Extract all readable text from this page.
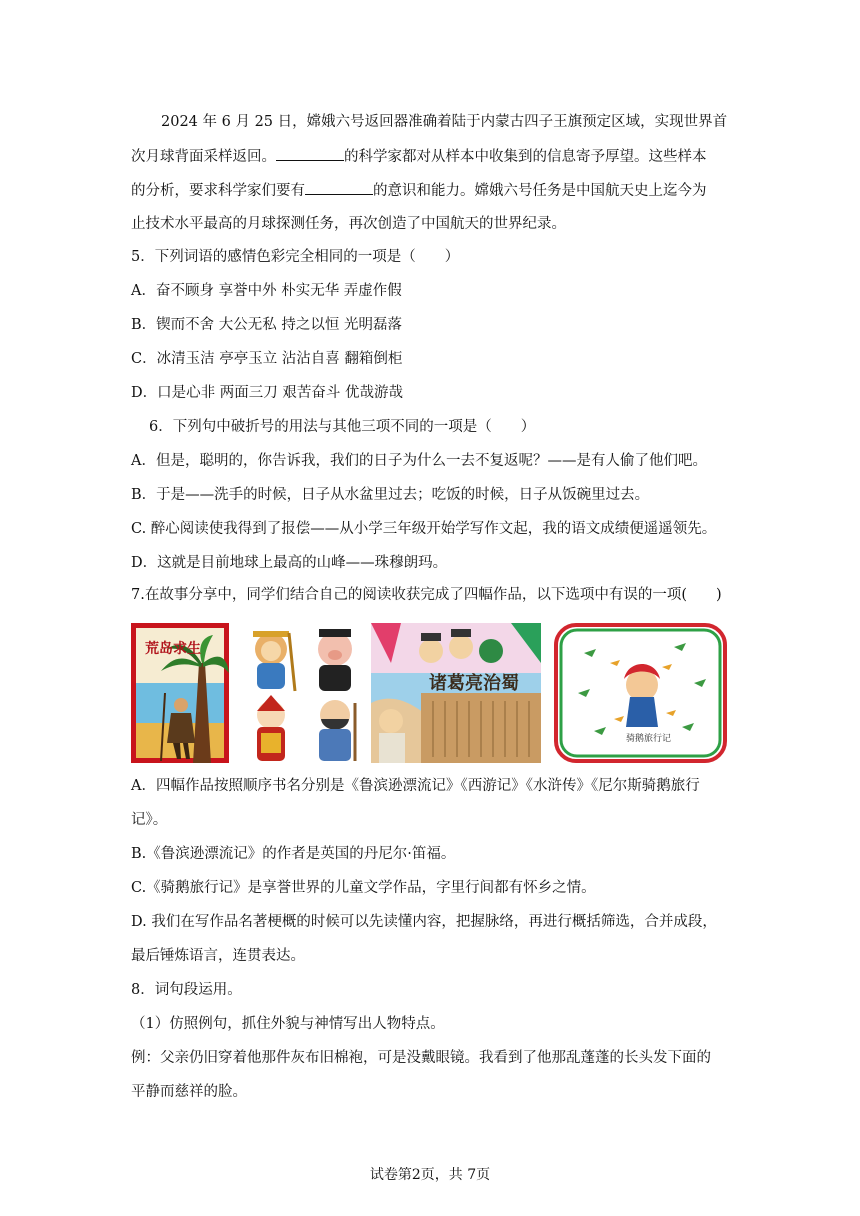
2024 年 6 月 25 日，嫦娥六号返回器准确着陆于内蒙古四子王旗预定区域，实现世界首
次月球背面采样返回。	的科学家都对从样本中收集到的信息寄予厚望。这些样本
的分析，要求科学家们要有	的意识和能力。嫦娥六号任务是中国航天史上迄今为
止技术水平最高的月球探测任务，再次创造了中国航天的世界纪录。
5．下列词语的感情色彩完全相同的一项是（　　）
A．奋不顾身 享誉中外 朴实无华 弄虚作假
B．锲而不舍 大公无私 持之以恒 光明磊落
C．冰清玉洁 亭亭玉立 沾沾自喜 翻箱倒柜
D．口是心非 两面三刀 艰苦奋斗 优哉游哉
6．下列句中破折号的用法与其他三项不同的一项是（　　）
A．但是，聪明的，你告诉我，我们的日子为什么一去不复返呢？——是有人偷了他们吧。
B．于是——洗手的时候，日子从水盆里过去；吃饭的时候，日子从饭碗里过去。
C. 醉心阅读使我得到了报偿——从小学三年级开始学写作文起，我的语文成绩便遥遥领先。
D．这就是目前地球上最高的山峰——珠穆朗玛。
7.在故事分享中，同学们结合自己的阅读收获完成了四幅作品，以下选项中有误的一项(　　)
荒岛求生
诸葛亮治蜀
骑鹅旅行记
A．四幅作品按照顺序书名分别是《鲁滨逊漂流记》《西游记》《水浒传》《尼尔斯骑鹅旅行
记》。
B.《鲁滨逊漂流记》的作者是英国的丹尼尔·笛福。
C.《骑鹅旅行记》是享誉世界的儿童文学作品，字里行间都有怀乡之情。
D. 我们在写作品名著梗概的时候可以先读懂内容，把握脉络，再进行概括筛选，合并成段，
最后锤炼语言，连贯表达。
8．词句段运用。
（1）仿照例句，抓住外貌与神情写出人物特点。
例：父亲仍旧穿着他那件灰布旧棉袍，可是没戴眼镜。我看到了他那乱蓬蓬的长头发下面的
平静而慈祥的脸。
试卷第2页，共 7页
